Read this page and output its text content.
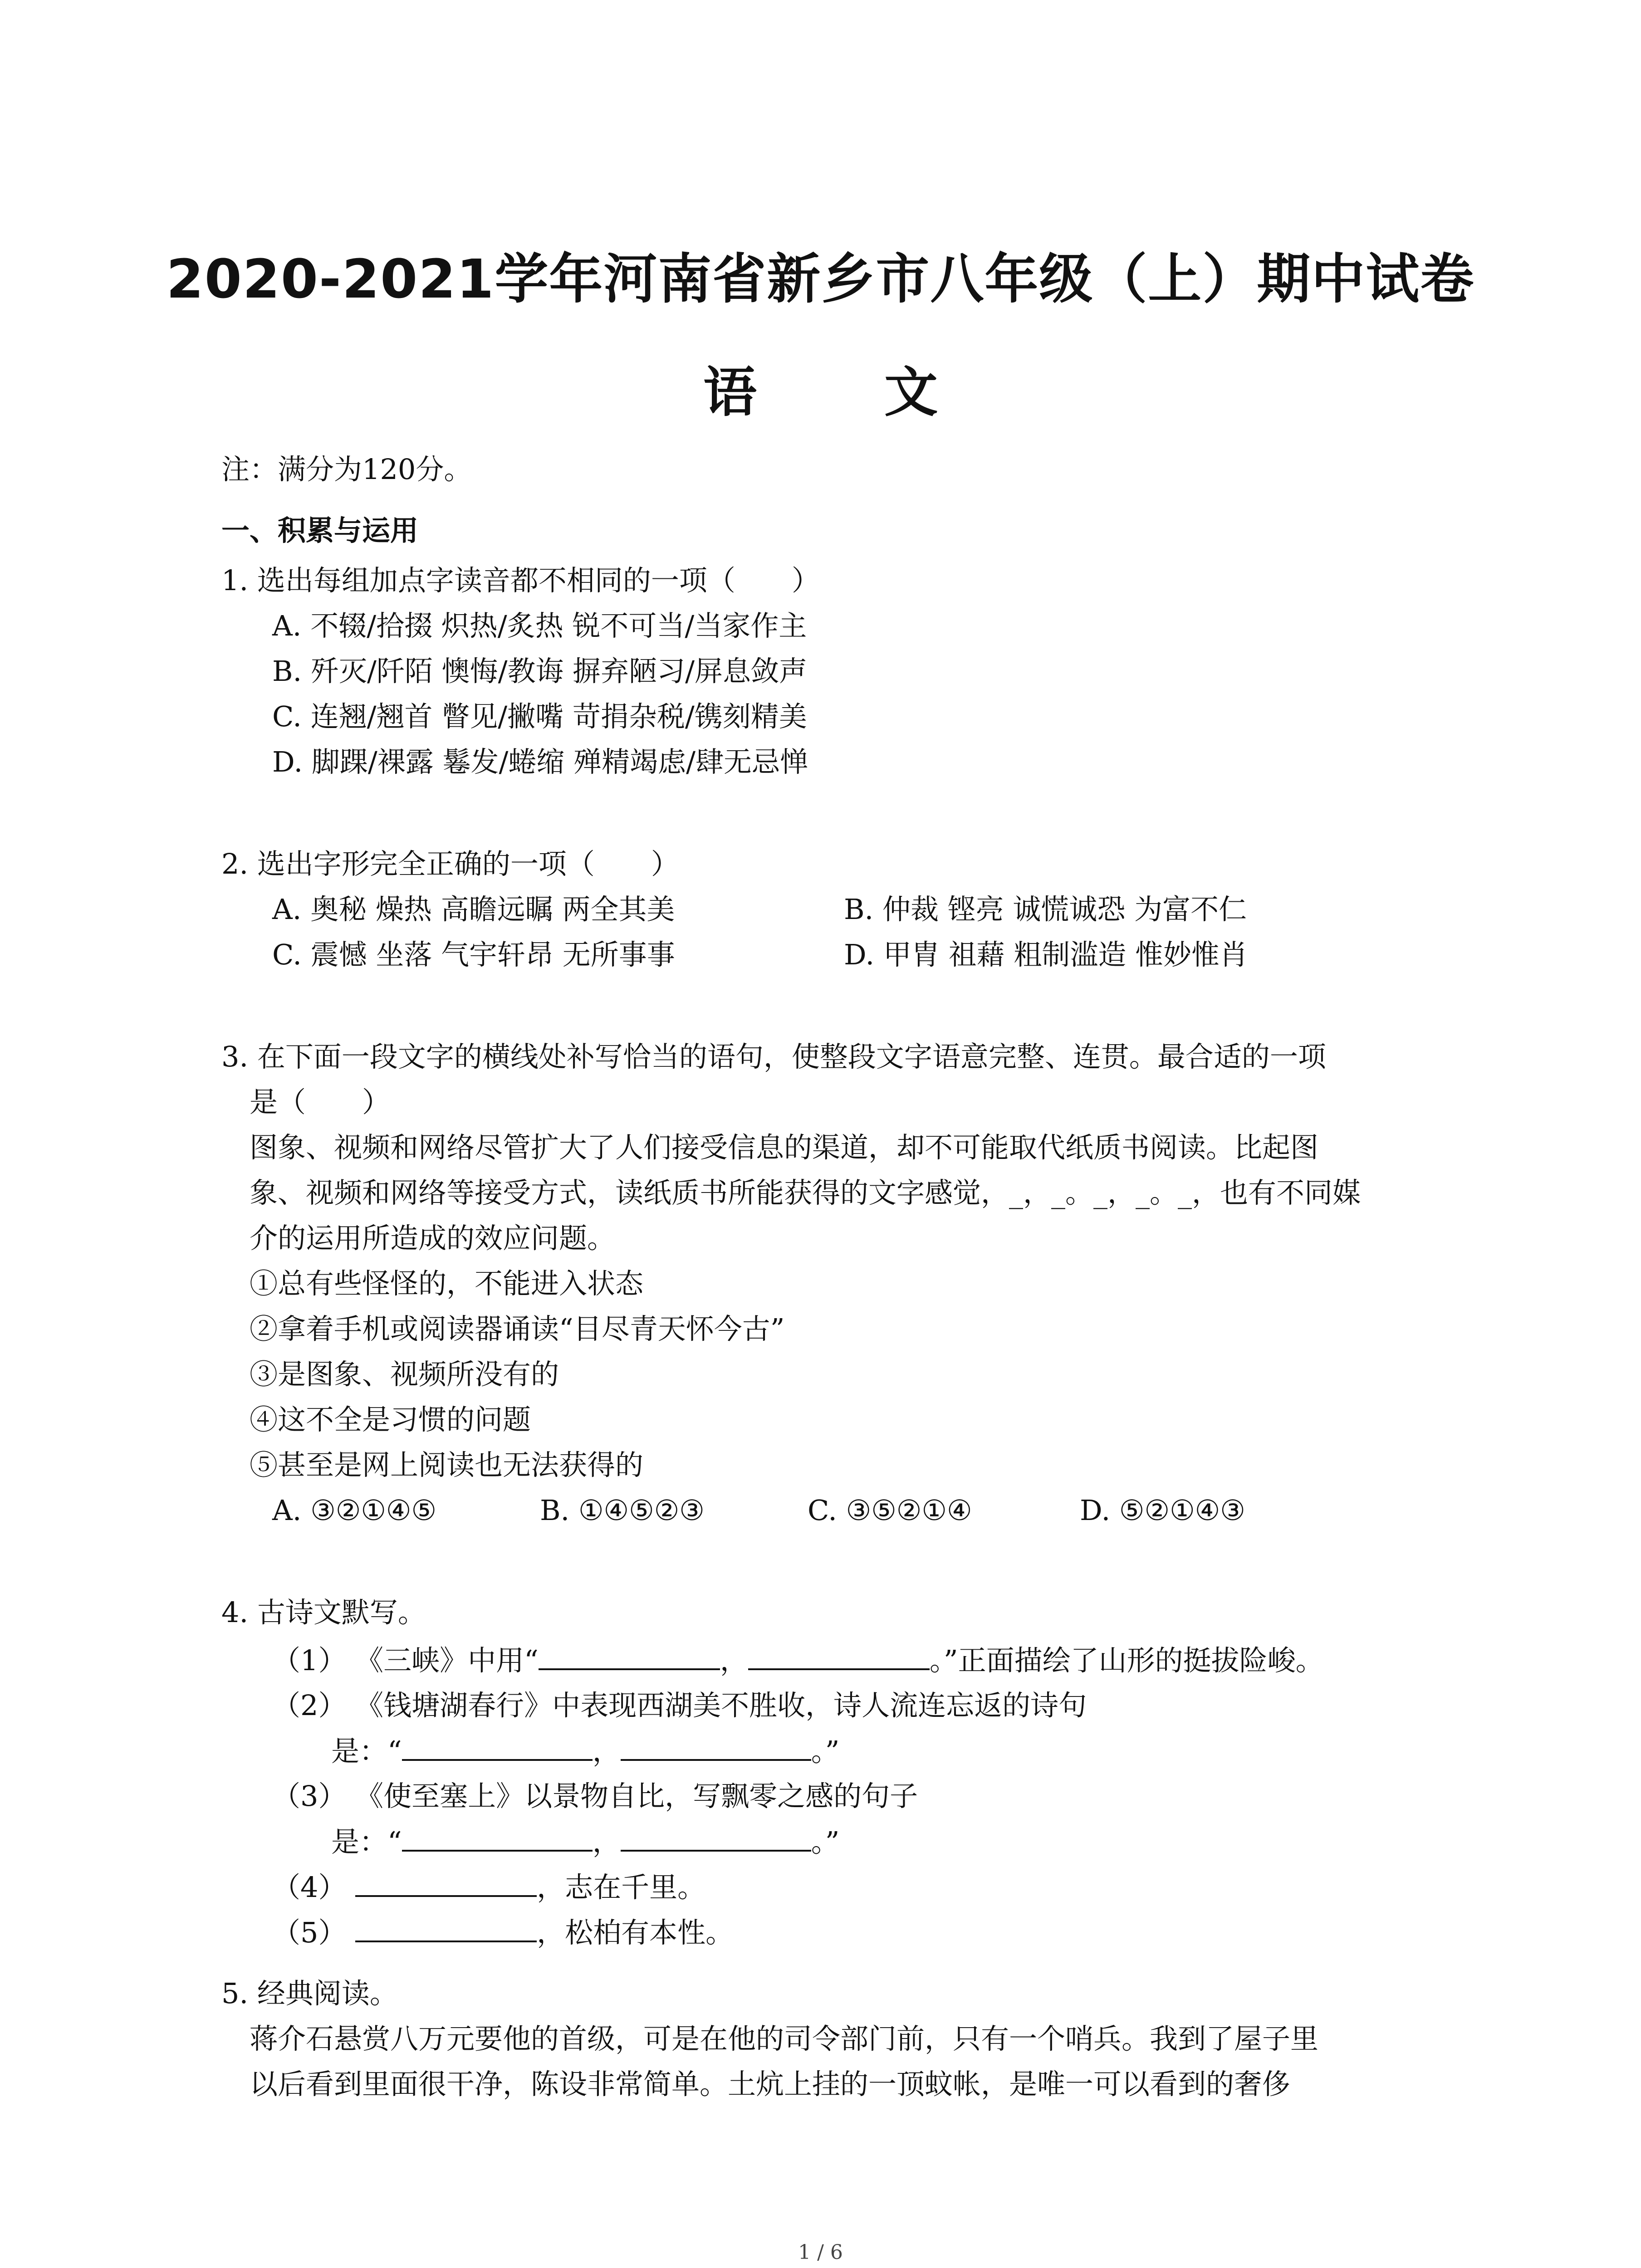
2020-2021学年河南省新乡市八年级（上）期中试卷
语 文
注：满分为120分。
一、积累与运用
1. 选出每组加点字读音都不相同的一项（　　）
A. 不辍/拾掇 炽热/炙热 锐不可当/当家作主
B. 歼灭/阡陌 懊悔/教诲 摒弃陋习/屏息敛声
C. 连翘/翘首 瞥见/撇嘴 苛捐杂税/镌刻精美
D. 脚踝/裸露 鬈发/蜷缩 殚精竭虑/肆无忌惮
2. 选出字形完全正确的一项（　　）
A. 奥秘 燥热 高瞻远瞩 两全其美	B. 仲裁 铿亮 诚慌诚恐 为富不仁
C. 震憾 坐落 气宇轩昂 无所事事	D. 甲胄 祖藉 粗制滥造 惟妙惟肖
3. 在下面一段文字的横线处补写恰当的语句，使整段文字语意完整、连贯。最合适的一项
是（　　）
图象、视频和网络尽管扩大了人们接受信息的渠道，却不可能取代纸质书阅读。比起图
象、视频和网络等接受方式，读纸质书所能获得的文字感觉，_，_。_，_。_，也有不同媒
介的运用所造成的效应问题。
①总有些怪怪的，不能进入状态
②拿着手机或阅读器诵读“目尽青天怀今古”
③是图象、视频所没有的
④这不全是习惯的问题
⑤甚至是网上阅读也无法获得的
A. ③②①④⑤	B. ①④⑤②③	C. ③⑤②①④	D. ⑤②①④③
4. 古诗文默写。
（1） 《三峡》中用“	，	。”正面描绘了山形的挺拔险峻。
（2） 《钱塘湖春行》中表现西湖美不胜收，诗人流连忘返的诗句
是：“	，	。”
（3） 《使至塞上》以景物自比，写飘零之感的句子
是：“	，	。”
（4）	，志在千里。
（5）	，松柏有本性。
5. 经典阅读。
蒋介石悬赏八万元要他的首级，可是在他的司令部门前，只有一个哨兵。我到了屋子里
以后看到里面很干净，陈设非常简单。土炕上挂的一顶蚊帐，是唯一可以看到的奢侈
1 / 6
